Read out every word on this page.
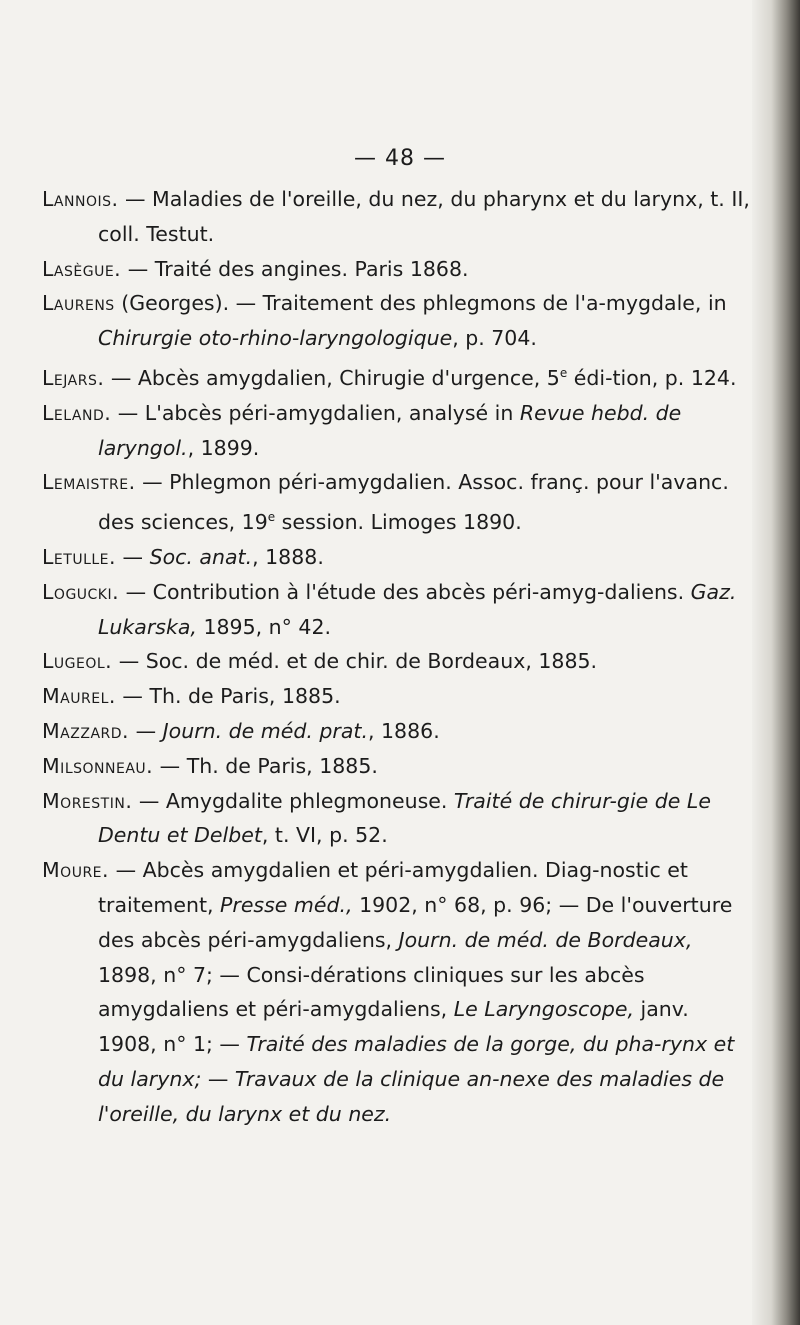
— 48 —

Lannois. — Maladies de l'oreille, du nez, du pharynx et du larynx, t. II, coll. Testut.

Lasègue. — Traité des angines. Paris 1868.

Laurens (Georges). — Traitement des phlegmons de l'a-mygdale, in Chirurgie oto-rhino-laryngologique, p. 704.

Lejars. — Abcès amygdalien, Chirugie d'urgence, 5e édi-tion, p. 124.

Leland. — L'abcès péri-amygdalien, analysé in Revue hebd. de laryngol., 1899.

Lemaistre. — Phlegmon péri-amygdalien. Assoc. franç. pour l'avanc. des sciences, 19e session. Limoges 1890.

Letulle. — Soc. anat., 1888.

Logucki. — Contribution à l'étude des abcès péri-amyg-daliens. Gaz. Lukarska, 1895, n° 42.

Lugeol. — Soc. de méd. et de chir. de Bordeaux, 1885.

Maurel. — Th. de Paris, 1885.

Mazzard. — Journ. de méd. prat., 1886.

Milsonneau. — Th. de Paris, 1885.

Morestin. — Amygdalite phlegmoneuse. Traité de chirur-gie de Le Dentu et Delbet, t. VI, p. 52.

Moure. — Abcès amygdalien et péri-amygdalien. Diag-nostic et traitement, Presse méd., 1902, n° 68, p. 96; — De l'ouverture des abcès péri-amygdaliens, Journ. de méd. de Bordeaux, 1898, n° 7; — Consi-dérations cliniques sur les abcès amygdaliens et péri-amygdaliens, Le Laryngoscope, janv. 1908, n° 1; — Traité des maladies de la gorge, du pha-rynx et du larynx; — Travaux de la clinique an-nexe des maladies de l'oreille, du larynx et du nez.
